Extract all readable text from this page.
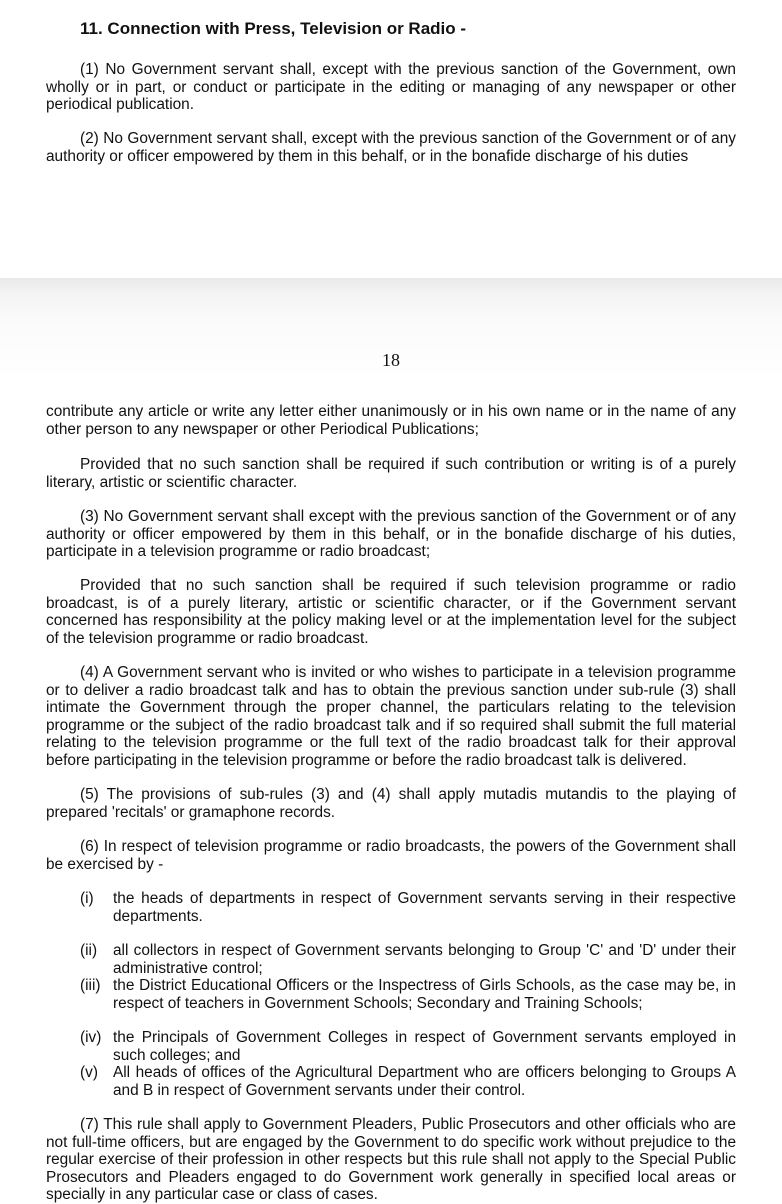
11. Connection with Press, Television or Radio -

(1) No Government servant shall, except with the previous sanction of the Government, own wholly or in part, or conduct or participate in the editing or managing of any newspaper or other periodical publication.

(2) No Government servant shall, except with the previous sanction of the Government or of any authority or officer empowered by them in this behalf, or in the bonafide discharge of his duties

18

contribute any article or write any letter either unanimously or in his own name or in the name of any other person to any newspaper or other Periodical Publications;

Provided that no such sanction shall be required if such contribution or writing is of a purely literary, artistic or scientific character.

(3) No Government servant shall except with the previous sanction of the Government or of any authority or officer empowered by them in this behalf, or in the bonafide discharge of his duties, participate in a television programme or radio broadcast;

Provided that no such sanction shall be required if such television programme or radio broadcast, is of a purely literary, artistic or scientific character, or if the Government servant concerned has responsibility at the policy making level or at the implementation level for the subject of the television programme or radio broadcast.

(4) A Government servant who is invited or who wishes to participate in a television programme or to deliver a radio broadcast talk and has to obtain the previous sanction under sub-rule (3) shall intimate the Government through the proper channel, the particulars relating to the television programme or the subject of the radio broadcast talk and if so required shall submit the full material relating to the television programme or the full text of the radio broadcast talk for their approval before participating in the television programme or before the radio broadcast talk is delivered.

(5) The provisions of sub-rules (3) and (4) shall apply mutadis mutandis to the playing of prepared 'recitals' or gramaphone records.

(6) In respect of television programme or radio broadcasts, the powers of the Government shall be exercised by -

(i)	the heads of departments in respect of Government servants serving in their respective departments.
(ii)	all collectors in respect of Government servants belonging to Group 'C' and 'D' under their administrative control;
(iii) the District Educational Officers or the Inspectress of Girls Schools, as the case may be, in respect of teachers in Government Schools; Secondary and Training Schools;
(iv) the Principals of Government Colleges in respect of Government servants employed in such colleges; and
(v) All heads of offices of the Agricultural Department who are officers belonging to Groups A and B in respect of Government servants under their control.

(7) This rule shall apply to Government Pleaders, Public Prosecutors and other officials who are not full-time officers, but are engaged by the Government to do specific work without prejudice to the regular exercise of their profession in other respects but this rule shall not apply to the Special Public Prosecutors and Pleaders engaged to do Government work generally in specified local areas or specially in any particular case or class of cases.
